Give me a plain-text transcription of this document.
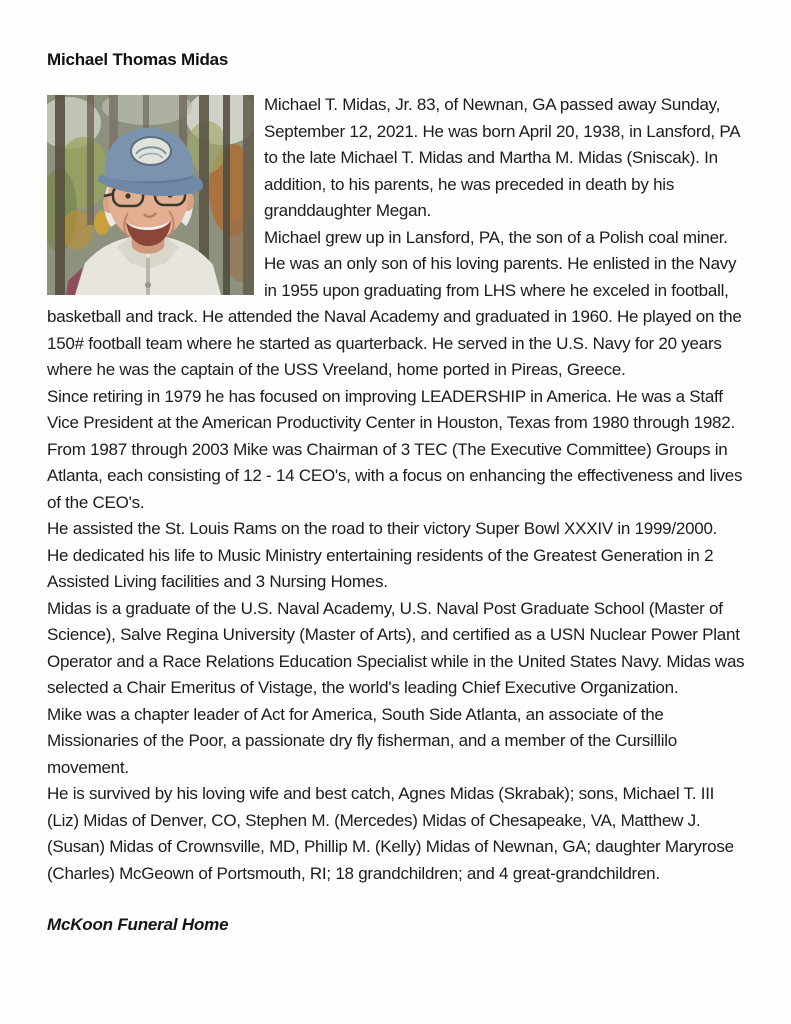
Michael Thomas Midas

Michael T. Midas, Jr. 83, of Newnan, GA passed away Sunday, September 12, 2021. He was born April 20, 1938, in Lansford, PA to the late Michael T. Midas and Martha M. Midas (Sniscak). In addition, to his parents, he was preceded in death by his granddaughter Megan.

Michael grew up in Lansford, PA, the son of a Polish coal miner. He was an only son of his loving parents. He enlisted in the Navy in 1955 upon graduating from LHS where he exceled in football, basketball and track. He attended the Naval Academy and graduated in 1960. He played on the 150# football team where he started as quarterback. He served in the U.S. Navy for 20 years where he was the captain of the USS Vreeland, home ported in Pireas, Greece.

Since retiring in 1979 he has focused on improving LEADERSHIP in America. He was a Staff Vice President at the American Productivity Center in Houston, Texas from 1980 through 1982.

From 1987 through 2003 Mike was Chairman of 3 TEC (The Executive Committee) Groups in Atlanta, each consisting of 12 - 14 CEO's, with a focus on enhancing the effectiveness and lives of the CEO's.

He assisted the St. Louis Rams on the road to their victory Super Bowl XXXIV in 1999/2000.

He dedicated his life to Music Ministry entertaining residents of the Greatest Generation in 2 Assisted Living facilities and 3 Nursing Homes.

Midas is a graduate of the U.S. Naval Academy, U.S. Naval Post Graduate School (Master of Science), Salve Regina University (Master of Arts), and certified as a USN Nuclear Power Plant Operator and a Race Relations Education Specialist while in the United States Navy. Midas was selected a Chair Emeritus of Vistage, the world's leading Chief Executive Organization.

Mike was a chapter leader of Act for America, South Side Atlanta, an associate of the Missionaries of the Poor, a passionate dry fly fisherman, and a member of the Cursillilo movement.

He is survived by his loving wife and best catch, Agnes Midas (Skrabak); sons, Michael T. III (Liz) Midas of Denver, CO, Stephen M. (Mercedes) Midas of Chesapeake, VA, Matthew J. (Susan) Midas of Crownsville, MD, Phillip M. (Kelly) Midas of Newnan, GA; daughter Maryrose (Charles) McGeown of Portsmouth, RI; 18 grandchildren; and 4 great-grandchildren.

McKoon Funeral Home
